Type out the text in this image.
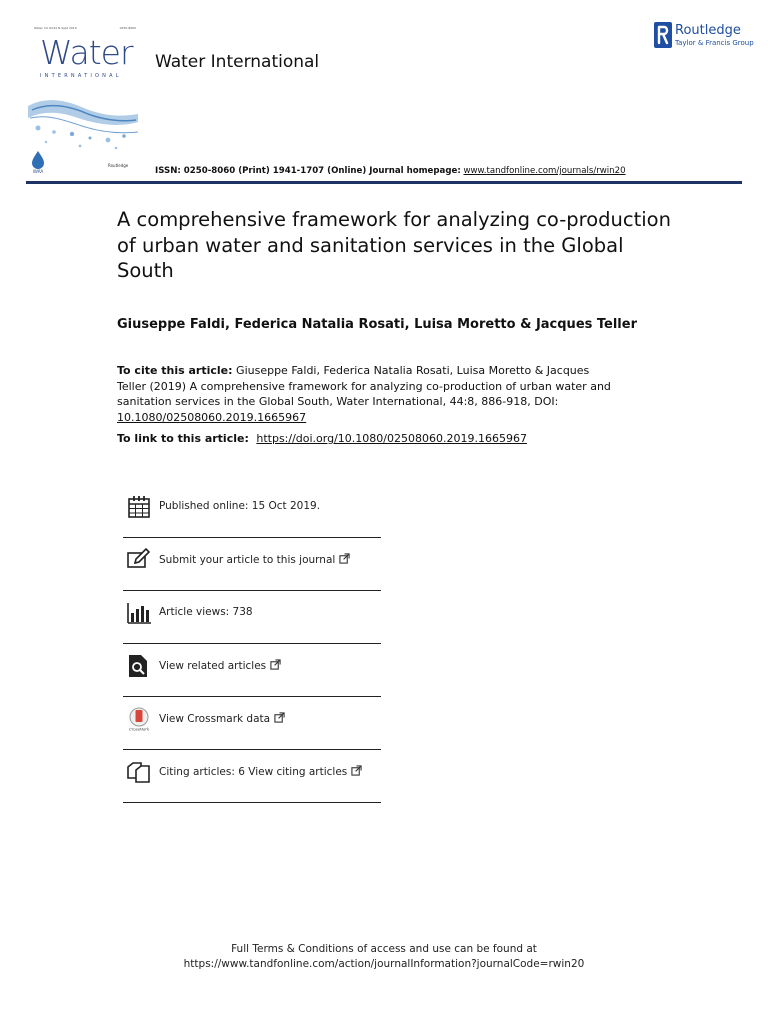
Water Int Vol44 N Sept 2019	0250-8060
Water
INTERNATIONAL
IWRA
Routledge
Water International
Routledge
Taylor & Francis Group
ISSN: 0250-8060 (Print) 1941-1707 (Online) Journal homepage: www.tandfonline.com/journals/rwin20
A comprehensive framework for analyzing co-production of urban water and sanitation services in the Global South
Giuseppe Faldi, Federica Natalia Rosati, Luisa Moretto & Jacques Teller
To cite this article: Giuseppe Faldi, Federica Natalia Rosati, Luisa Moretto & Jacques Teller (2019) A comprehensive framework for analyzing co-production of urban water and sanitation services in the Global South, Water International, 44:8, 886-918, DOI: 10.1080/02508060.2019.1665967
To link to this article: https://doi.org/10.1080/02508060.2019.1665967
Published online: 15 Oct 2019.
Submit your article to this journal
Article views: 738
View related articles
CrossMark
View Crossmark data
Citing articles: 6 View citing articles
Full Terms & Conditions of access and use can be found at
https://www.tandfonline.com/action/journalInformation?journalCode=rwin20
